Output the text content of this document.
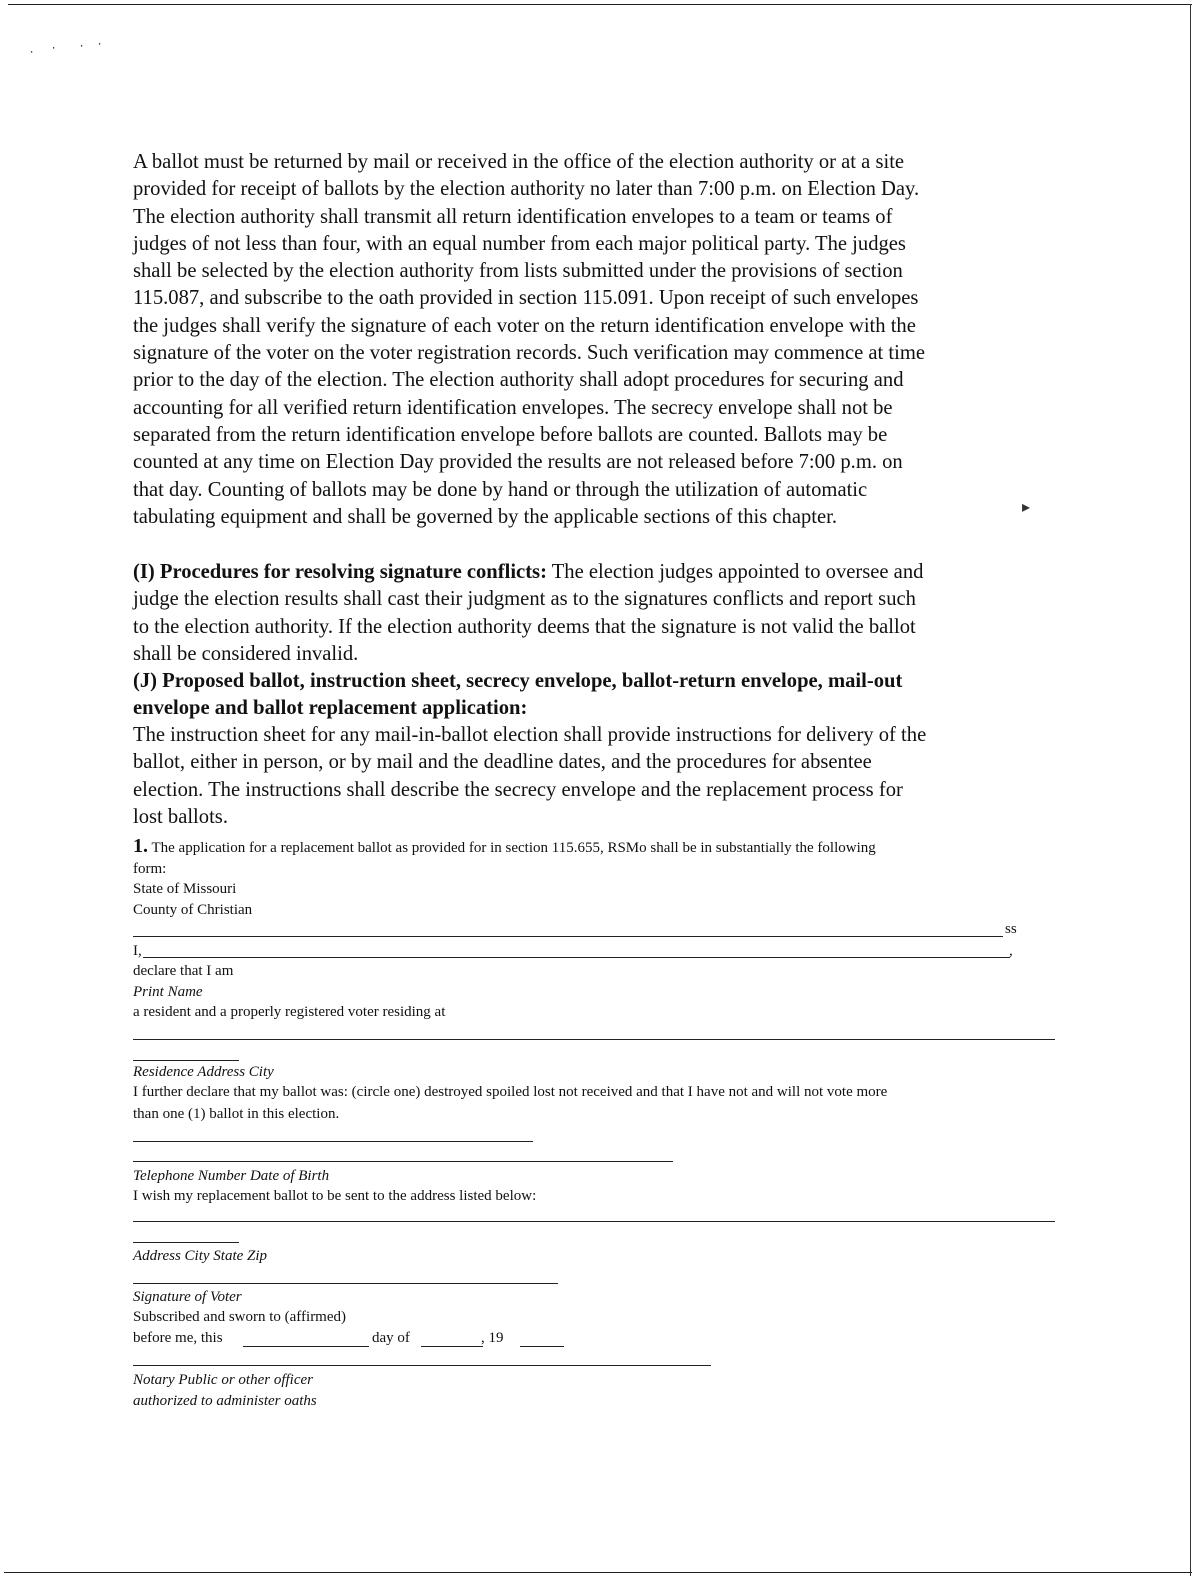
⸳ ⸳ ⸳ ⸳
▸
A ballot must be returned by mail or received in the office of the election authority or at a site
provided for receipt of ballots by the election authority no later than 7:00 p.m. on Election Day.
The election authority shall transmit all return identification envelopes to a team or teams of
judges of not less than four, with an equal number from each major political party. The judges
shall be selected by the election authority from lists submitted under the provisions of section
115.087, and subscribe to the oath provided in section 115.091. Upon receipt of such envelopes
the judges shall verify the signature of each voter on the return identification envelope with the
signature of the voter on the voter registration records. Such verification may commence at time
prior to the day of the election. The election authority shall adopt procedures for securing and
accounting for all verified return identification envelopes. The secrecy envelope shall not be
separated from the return identification envelope before ballots are counted. Ballots may be
counted at any time on Election Day provided the results are not released before 7:00 p.m. on
that day. Counting of ballots may be done by hand or through the utilization of automatic
tabulating equipment and shall be governed by the applicable sections of this chapter.
(I) Procedures for resolving signature conflicts: The election judges appointed to oversee and
judge the election results shall cast their judgment as to the signatures conflicts and report such
to the election authority. If the election authority deems that the signature is not valid the ballot
shall be considered invalid.
(J) Proposed ballot, instruction sheet, secrecy envelope, ballot-return envelope, mail-out
envelope and ballot replacement application:
The instruction sheet for any mail-in-ballot election shall provide instructions for delivery of the
ballot, either in person, or by mail and the deadline dates, and the procedures for absentee
election. The instructions shall describe the secrecy envelope and the replacement process for
lost ballots.
1. The application for a replacement ballot as provided for in section 115.655, RSMo shall be in substantially the following
form:
State of Missouri
County of Christian
ss
I,	,
declare that I am
Print Name
a resident and a properly registered voter residing at
Residence Address City
I further declare that my ballot was: (circle one) destroyed spoiled lost not received and that I have not and will not vote more
than one (1) ballot in this election.
Telephone Number Date of Birth
I wish my replacement ballot to be sent to the address listed below:
Address City State Zip
Signature of Voter
Subscribed and sworn to (affirmed)
before me, this	day of	, 19
Notary Public or other officer
authorized to administer oaths
